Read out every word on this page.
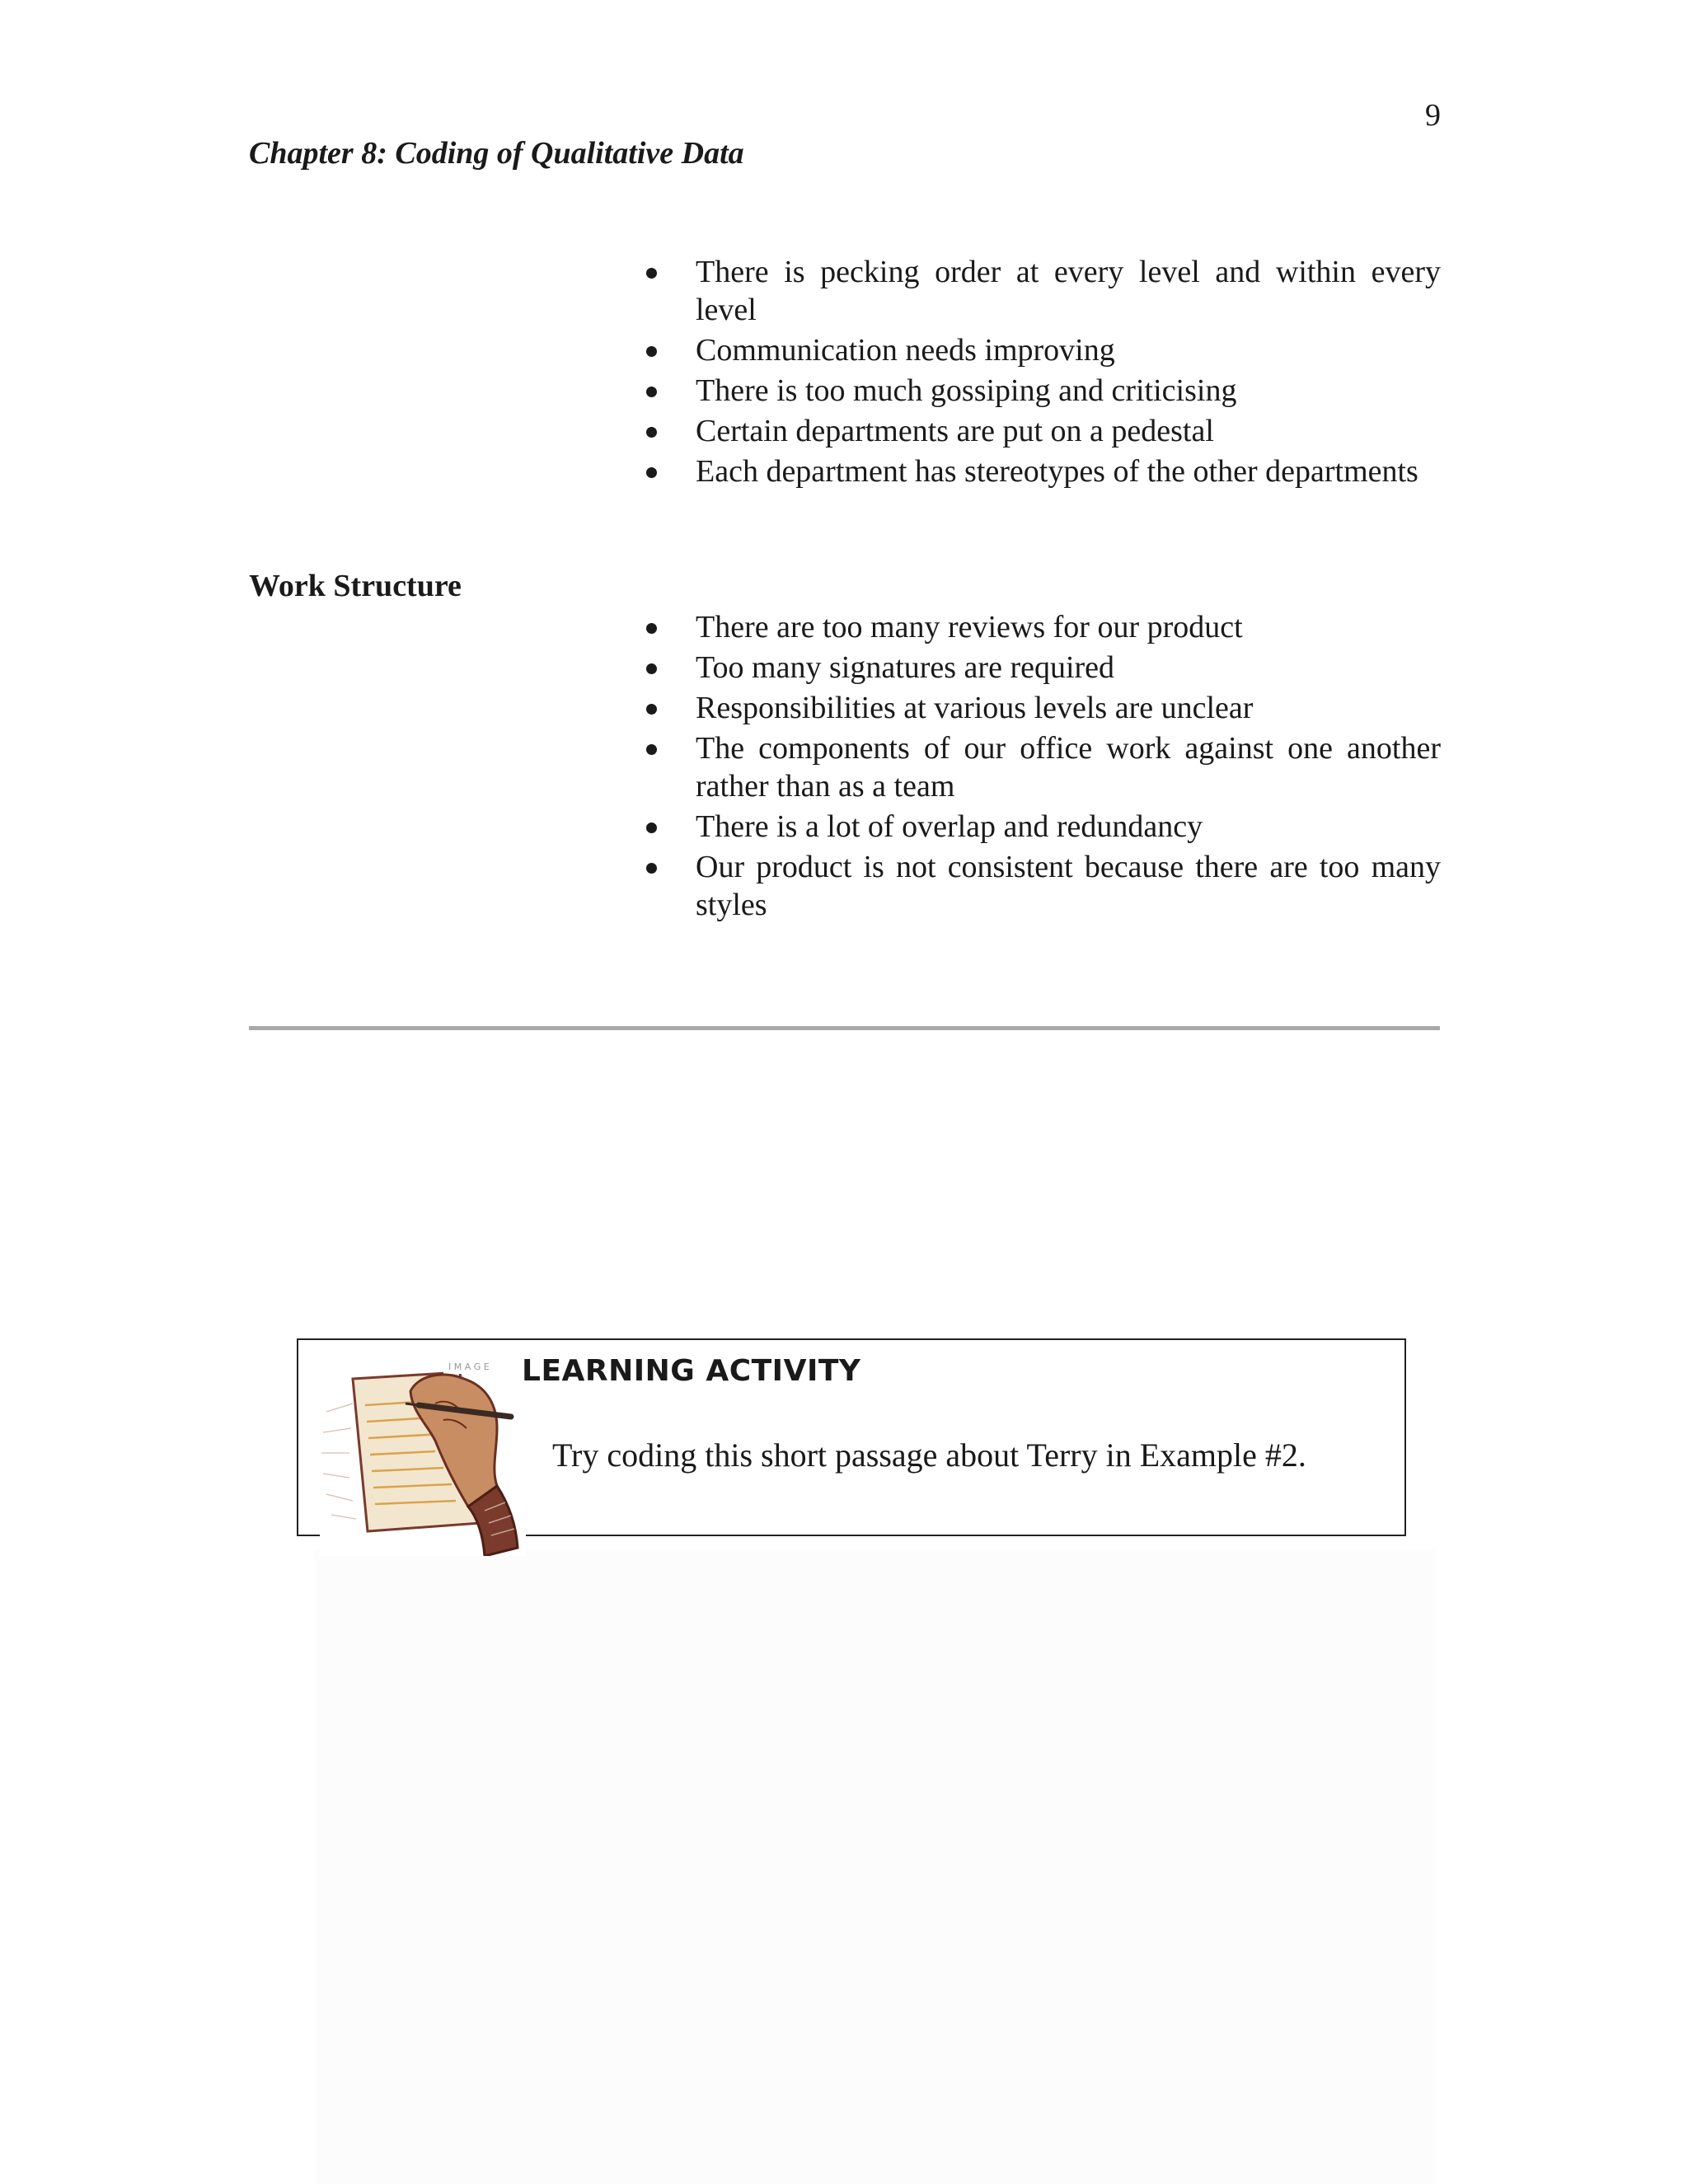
9
Chapter 8: Coding of Qualitative Data
There is pecking order at every level and within every level
Communication needs improving
There is too much gossiping and criticising
Certain departments are put on a pedestal
Each department has stereotypes of the other departments
Work Structure
There are too many reviews for our product
Too many signatures are required
Responsibilities at various levels are unclear
The components of our office work against one another rather than as a team
There is a lot of overlap and redundancy
Our product is not consistent because there are too many styles
I M A G E LEARNING ACTIVITY
Try coding this short passage about Terry in Example #2.
